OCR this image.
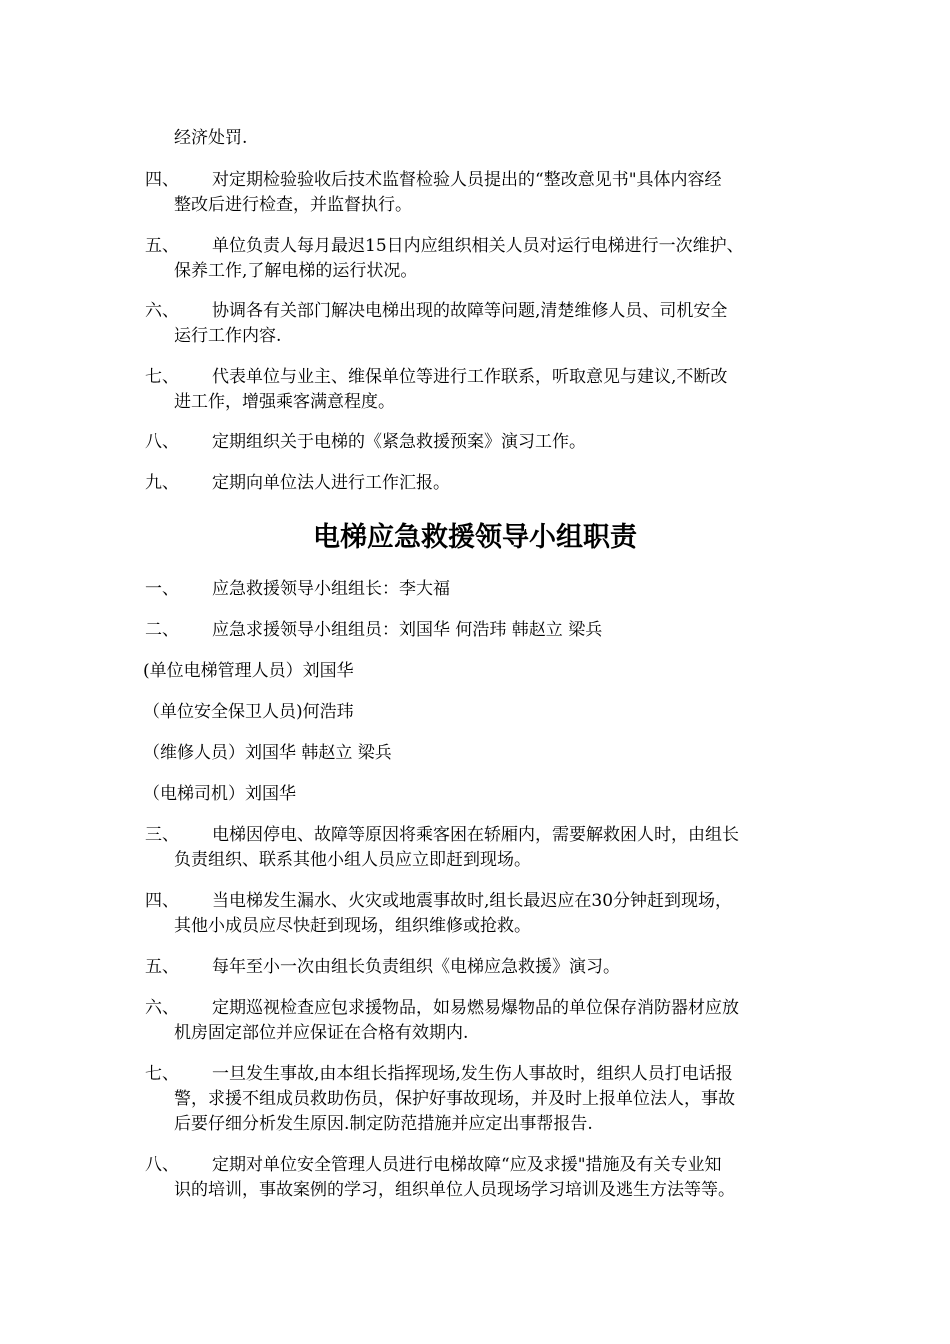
经济处罚.
四、 对定期检验验收后技术监督检验人员提出的“整改意见书"具体内容经
整改后进行检查，并监督执行。
五、 单位负责人每月最迟15日内应组织相关人员对运行电梯进行一次维护、
保养工作,了解电梯的运行状况。
六、 协调各有关部门解决电梯出现的故障等问题,清楚维修人员、司机安全
运行工作内容.
七、 代表单位与业主、维保单位等进行工作联系，听取意见与建议,不断改
进工作，增强乘客满意程度。
八、 定期组织关于电梯的《紧急救援预案》演习工作。
九、 定期向单位法人进行工作汇报。
电梯应急救援领导小组职责
一、 应急救援领导小组组长：李大福
二、 应急求援领导小组组员：刘国华 何浩玮 韩赵立 梁兵
(单位电梯管理人员）刘国华
（单位安全保卫人员)何浩玮
（维修人员）刘国华 韩赵立 梁兵
（电梯司机）刘国华
三、 电梯因停电、故障等原因将乘客困在轿厢内，需要解救困人时，由组长
负责组织、联系其他小组人员应立即赶到现场。
四、 当电梯发生漏水、火灾或地震事故时,组长最迟应在30分钟赶到现场，
其他小成员应尽快赶到现场，组织维修或抢救。
五、 每年至小一次由组长负责组织《电梯应急救援》演习。
六、 定期巡视检查应包求援物品，如易燃易爆物品的单位保存消防器材应放
机房固定部位并应保证在合格有效期内.
七、 一旦发生事故,由本组长指挥现场,发生伤人事故时，组织人员打电话报
警，求援不组成员救助伤员，保护好事故现场，并及时上报单位法人，事故
后要仔细分析发生原因.制定防范措施并应定出事帮报告.
八、 定期对单位安全管理人员进行电梯故障“应及求援"措施及有关专业知
识的培训，事故案例的学习，组织单位人员现场学习培训及逃生方法等等。
